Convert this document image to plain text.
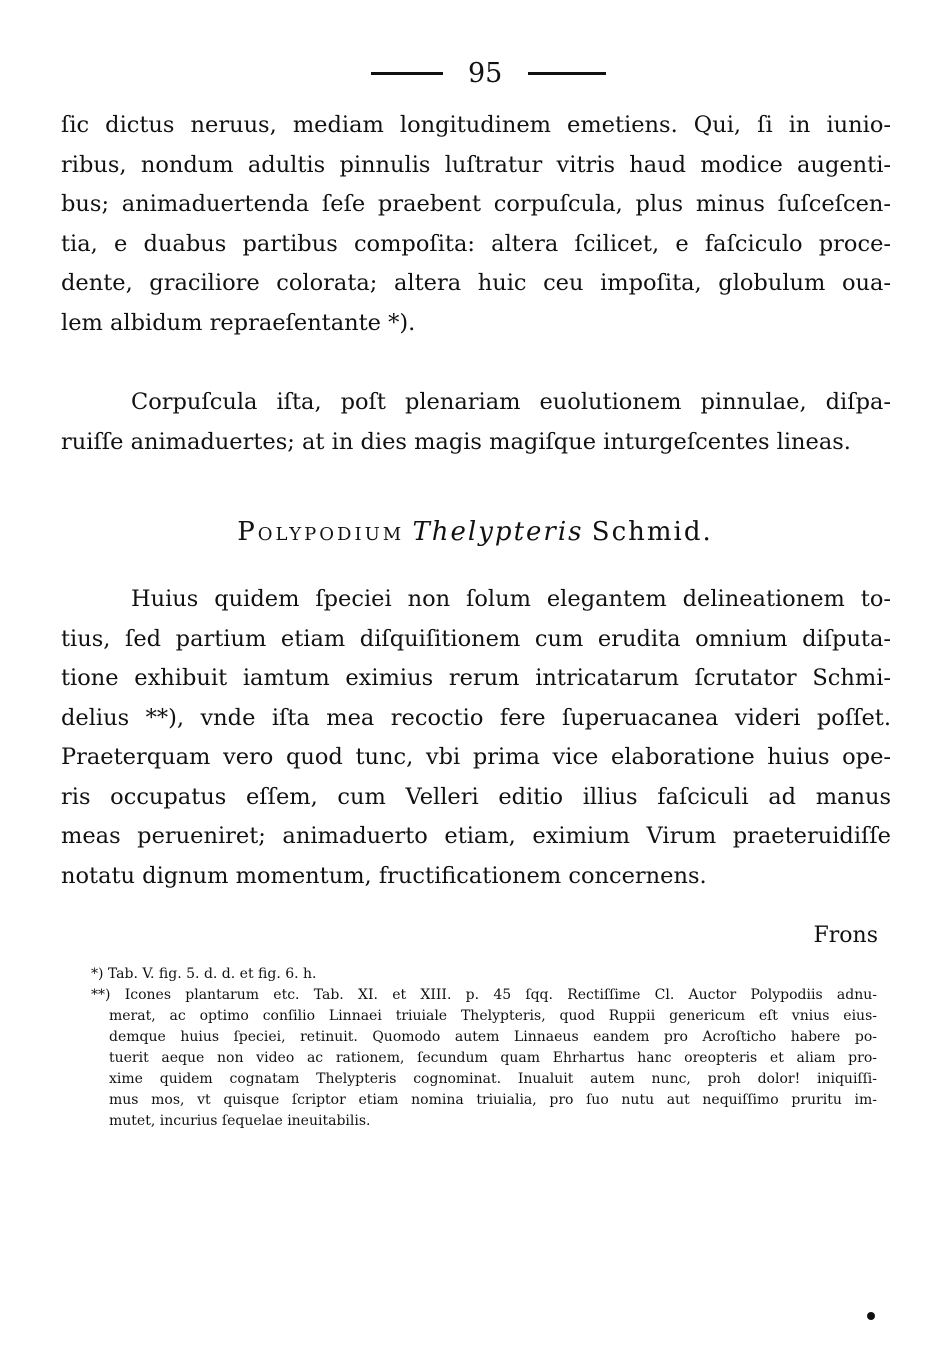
95
ſic dictus neruus, mediam longitudinem emetiens. Qui, ſi in iunio-
ribus, nondum adultis pinnulis luſtratur vitris haud modice augenti-
bus; animaduertenda ſeſe praebent corpuſcula, plus minus ſuſceſcen-
tia, e duabus partibus compoſita: altera ſcilicet, e faſciculo proce-
dente, graciliore colorata; altera huic ceu impoſita, globulum oua-
lem albidum repraeſentante *).
Corpuſcula iſta, poſt plenariam euolutionem pinnulae, diſpa-
ruiſſe animaduertes; at in dies magis magiſque inturgeſcentes lineas.
Polypodium Thelypteris Schmid.
Huius quidem ſpeciei non ſolum elegantem delineationem to-
tius, ſed partium etiam diſquiſitionem cum erudita omnium diſputa-
tione exhibuit iamtum eximius rerum intricatarum ſcrutator Schmi-
delius **), vnde iſta mea recoctio fere ſuperuacanea videri poſſet.
Praeterquam vero quod tunc, vbi prima vice elaboratione huius ope-
ris occupatus eſſem, cum Velleri editio illius faſciculi ad manus
meas perueniret; animaduerto etiam, eximium Virum praeteruidiſſe
notatu dignum momentum, fructificationem concernens.
Frons
*) Tab. V. fig. 5. d. d. et fig. 6. h.
**) Icones plantarum etc. Tab. XI. et XIII. p. 45 ſqq. Rectiſſime Cl. Auctor Polypodiis adnu-
merat, ac optimo conſilio Linnaei triuiale Thelypteris, quod Ruppii genericum eſt vnius eius-
demque huius ſpeciei, retinuit. Quomodo autem Linnaeus eandem pro Acroſticho habere po-
tuerit aeque non video ac rationem, ſecundum quam Ehrhartus hanc oreopteris et aliam pro-
xime quidem cognatam Thelypteris cognominat. Inualuit autem nunc, proh dolor! iniquiſſi-
mus mos, vt quisque ſcriptor etiam nomina triuialia, pro ſuo nutu aut nequiſſimo pruritu im-
mutet, incurius ſequelae ineuitabilis.
